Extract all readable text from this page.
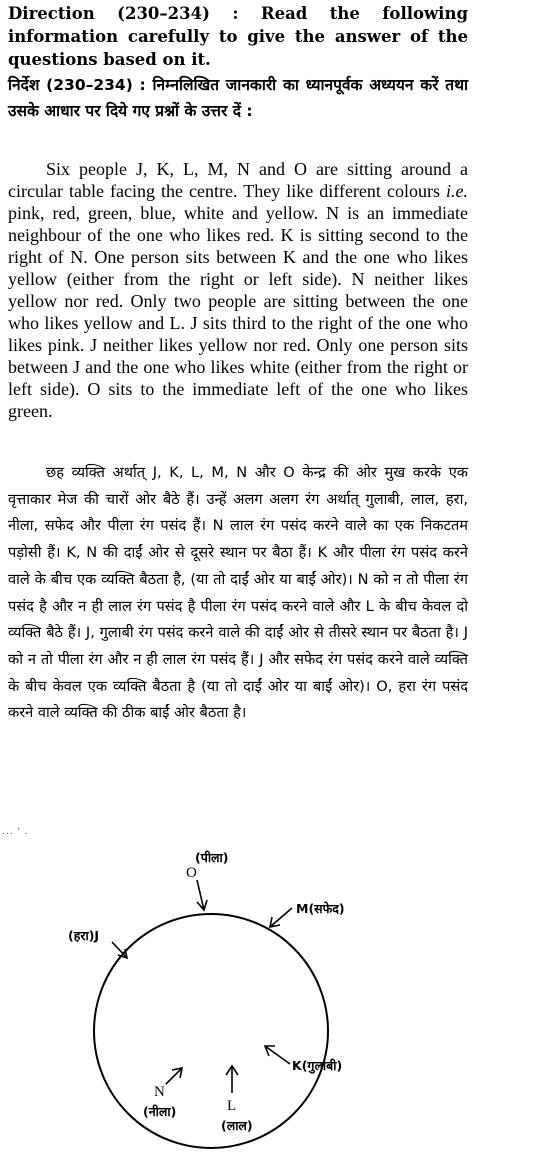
Direction (230–234) : Read the following information carefully to give the answer of the questions based on it.
निर्देश (230–234) : निम्नलिखित जानकारी का ध्यानपूर्वक अध्ययन करें तथा उसके आधार पर दिये गए प्रश्नों के उत्तर दें :
Six people J, K, L, M, N and O are sitting around a circular table facing the centre. They like different colours i.e. pink, red, green, blue, white and yellow. N is an immediate neighbour of the one who likes red. K is sitting second to the right of N. One person sits between K and the one who likes yellow (either from the right or left side). N neither likes yellow nor red. Only two people are sitting between the one who likes yellow and L. J sits third to the right of the one who likes pink. J neither likes yellow nor red. Only one person sits between J and the one who likes white (either from the right or left side). O sits to the immediate left of the one who likes green.
छह व्यक्ति अर्थात् J, K, L, M, N और O केन्द्र की ओर मुख करके एक वृत्ताकार मेज की चारों ओर बैठे हैं। उन्हें अलग अलग रंग अर्थात् गुलाबी, लाल, हरा, नीला, सफेद और पीला रंग पसंद हैं। N लाल रंग पसंद करने वाले का एक निकटतम पड़ोसी हैं। K, N की दाईं ओर से दूसरे स्थान पर बैठा हैं। K और पीला रंग पसंद करने वाले के बीच एक व्यक्ति बैठता है, (या तो दाईं ओर या बाईं ओर)। N को न तो पीला रंग पसंद है और न ही लाल रंग पसंद है पीला रंग पसंद करने वाले और L के बीच केवल दो व्यक्ति बैठे हैं। J, गुलाबी रंग पसंद करने वाले की दाईं ओर से तीसरे स्थान पर बैठता है। J को न तो पीला रंग और न ही लाल रंग पसंद हैं। J और सफेद रंग पसंद करने वाले व्यक्ति के बीच केवल एक व्यक्ति बैठता है (या तो दाईं ओर या बाईं ओर)। O, हरा रंग पसंद करने वाले व्यक्ति की ठीक बाईं ओर बैठता है।
... ' .
O
(पीला)
M(सफेद)
(हरा)J
K(गुलाबी)
L
(लाल)
N
(नीला)
